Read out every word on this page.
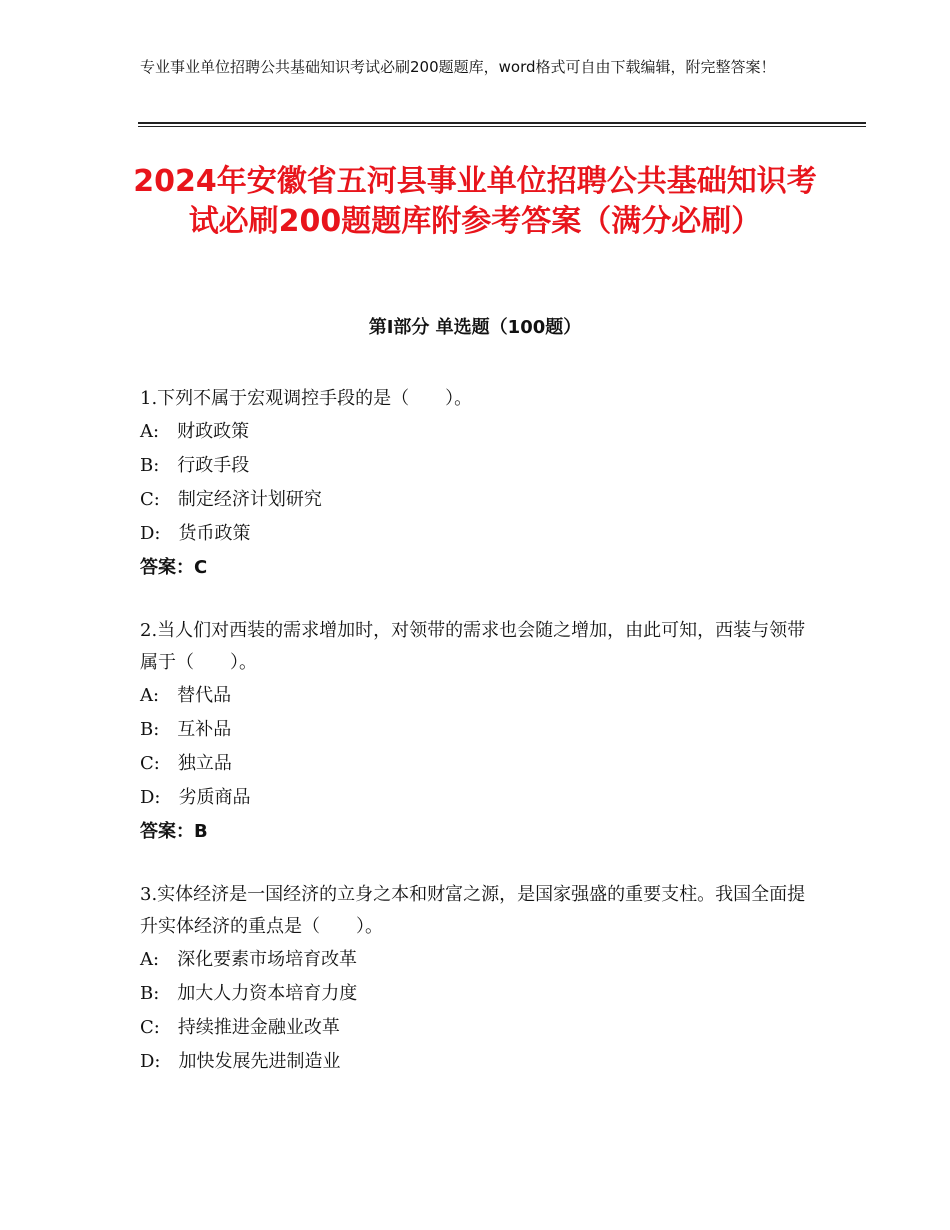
专业事业单位招聘公共基础知识考试必刷200题题库，word格式可自由下载编辑，附完整答案！
2024年安徽省五河县事业单位招聘公共基础知识考试必刷200题题库附参考答案（满分必刷）
第Ⅰ部分 单选题（100题）
1.下列不属于宏观调控手段的是（　　）。
A:　财政政策
B:　行政手段
C:　制定经济计划研究
D:　货币政策
答案：C
2.当人们对西装的需求增加时，对领带的需求也会随之增加，由此可知，西装与领带属于（　　）。
A:　替代品
B:　互补品
C:　独立品
D:　劣质商品
答案：B
3.实体经济是一国经济的立身之本和财富之源，是国家强盛的重要支柱。我国全面提升实体经济的重点是（　　）。
A:　深化要素市场培育改革
B:　加大人力资本培育力度
C:　持续推进金融业改革
D:　加快发展先进制造业
